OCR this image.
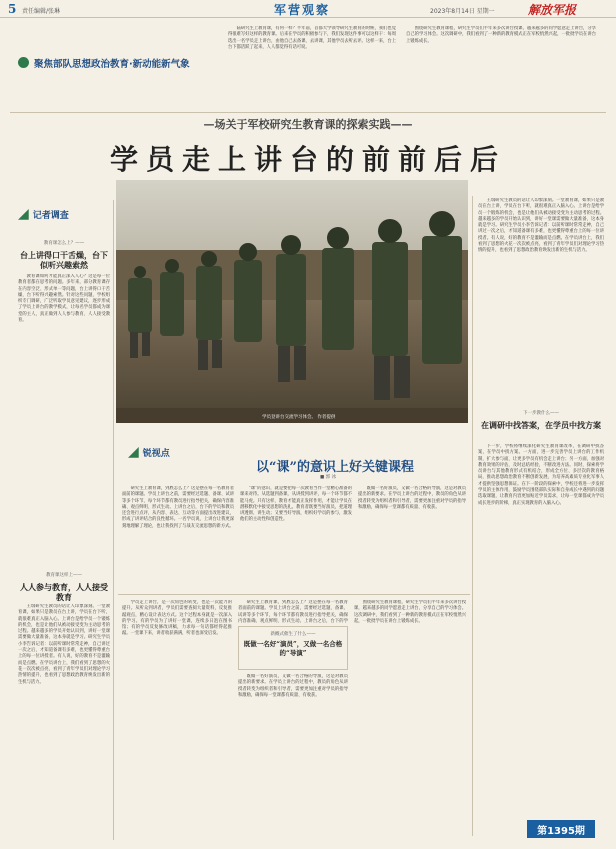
5 责任编辑/张琳	军营观察	2023年8月14日 星期一	解放军报
聚焦部队思想政治教育·新动能新气象

陆研究生上教育课，有何一样？半年前，首都大学领导研究生教育的时候，我们也觉得很难写好这样的教育课。后来在学员的积极参与下，我们发现这件事可以这样干：每周选出一名学员走上讲台，由他自己去备课、去讲课，其他学员去听去评。这样一来，台上台下都活跃了起来，人人都觉得有话可说。

围绕研究生教育课程，研究生学员们半年来多次讲台授课，越来越多的同学愿意走上讲台，分享自己的学习体会。这次调研中，我们看到了一种新的教育模式正在军校悄然兴起，一批批学员在讲台上锻炼成长。

—场关于军校研究生教育课的探索实践——
学员走上讲台的前前后后
学员登讲台交流学习体会。 作者提供

王瑞研究生教员的话让人印象深刻。一堂教育课，如果只是教员在台上讲，学员在台下听，就很难真正入脑入心。上讲台是给学员一个锻炼的机会，也是让他们从被动接受变为主动思考的过程。越来越多的学员开始认识到，讲好一堂课需要做大量准备，这本身就是学习。研究生学员小李告诉记者：以前听课时常常走神，自己讲过一次之后，才知道备课有多难，也更懂得尊重台上的每一位讲授者。有人说，好的教育不是灌输而是点燃。在学员讲台上，我们看到了思想的火花一次次被点亮，看到了青年学员们对理论学习热情的提升，也看到了思想政治教育焕发出新的生机与活力。

下一步教什么——
在调研中找答案，在学员中找方案

下一步，学校将继续深化研究生教育课改革，在调研中找答案，在学员中找方案。一方面，进一步完善学员上讲台的工作机制，扩大参与面，让更多学员有机会走上讲台；另一方面，加强对教育效果的评估，及时总结经验，不断改进方法。同时，探索将学员讲台与其他教育形式有机结合，形成全方位、多层次的教育格局，推动思想政治教育不断创新发展，为培养高素质专业化军事人才提供坚强思想保证。在下一阶段的探索中，学校还将进一步发挥学员的主体作用，鼓励学员围绕部队实际和自身成长中遇到的问题选取课题，让教育内容更加贴近学员需求，让每一堂课都成为学员成长进步的阶梯，真正实现教育的入脑入心。

◢ 记者调查
教育课怎么上？——
台上讲得口干舌燥，台下似听兴趣索然

教育课如何才能真正深入人心？这是每一位教育者都在思考的问题。多年来，部分教育课存在内容空泛、形式单一等问题，台上讲得口干舌燥，台下听得兴趣索然。针对这些问题，学校组织专门调研，广泛听取学员意见建议，逐步形成了学员上讲台的教学模式，让每名学员都成为课堂的主人，真正做到人人参与教育、人人接受教育。

教育课这样上——
人人参与教育，人人接受教育

王瑞研究生教员的话让人印象深刻。一堂教育课，如果只是教员在台上讲，学员在台下听，就很难真正入脑入心。上讲台是给学员一个锻炼的机会，也是让他们从被动接受变为主动思考的过程。越来越多的学员开始认识到，讲好一堂课需要做大量准备，这本身就是学习。研究生学员小李告诉记者：以前听课时常常走神，自己讲过一次之后，才知道备课有多难，也更懂得尊重台上的每一位讲授者。有人说，好的教育不是灌输而是点燃。在学员讲台上，我们看到了思想的火花一次次被点亮，看到了青年学员们对理论学习热情的提升，也看到了思想政治教育焕发出新的生机与活力。

◢ 锐视点
以“课”的意识上好关键课程
■ 郭 冰

研究生上教育课，到底怎么上？这是摆在每一名教育者面前的课题。学员上讲台之前，需要经过选题、备课、试讲等多个环节，每个环节都有教员进行指导把关，确保内容准确、观点鲜明、形式生动。上讲台之后，台下的学员和教员还会进行点评，从内容、表达、互动等方面提出改进建议，形成了讲评结合的良性循环。一名学员说，上讲台让我更深刻地理解了理论，也让我找到了与战友交流思想的新方式。

“课”的意识，就是要把每一次教育当作一堂精心准备的课来对待。从选题到备课，从讲授到讲评，每一个环节都不能马虎。只有这样，教育才能真正发挥作用，才能让学员在潜移默化中接受思想的洗礼。教育者既要当好演员，把道理讲透彻、讲生动；又要当好导演，组织好学员的参与，激发他们的主动性和创造性。

既做一名好演员，又做一名合格的导演，这是对教员提出的新要求。在学员上讲台的过程中，教员的角色从讲授者转变为组织者和引导者，需要更加注重对学员的指导和激励，确保每一堂课都有质量、有收获。

学员走上讲台，是一次角色的转变，也是一次能力的提升。从听众到讲者，学员们需要查阅大量资料，反复推敲观点，精心设计表达方式。这个过程本身就是一次深入的学习。有的学员为了讲好一堂课，连续多日泡在图书馆；有的学员反复修改讲稿，力求每一句话都经得起推敲。一堂课下来，讲者收获满满，听者也深受启发。

研究生上教育课，到底怎么上？这是摆在每一名教育者面前的课题。学员上讲台之前，需要经过选题、备课、试讲等多个环节，每个环节都有教员进行指导把关，确保内容准确、观点鲜明、形式生动。上讲台之后，台下的学

新概式催生了什么——
既做一名好“演员”，又做一名合格的“导演”

既做一名好演员，又做一名合格的导演，这是对教员提出的新要求。在学员上讲台的过程中，教员的角色从讲授者转变为组织者和引导者，需要更加注重对学员的指导和激励，确保每一堂课都有质量、有收获。

围绕研究生教育课程，研究生学员们半年来多次讲台授课，越来越多的同学愿意走上讲台，分享自己的学习体会。这次调研中，我们看到了一种新的教育模式正在军校悄然兴起，一批批学员在讲台上锻炼成长。

第1395期
